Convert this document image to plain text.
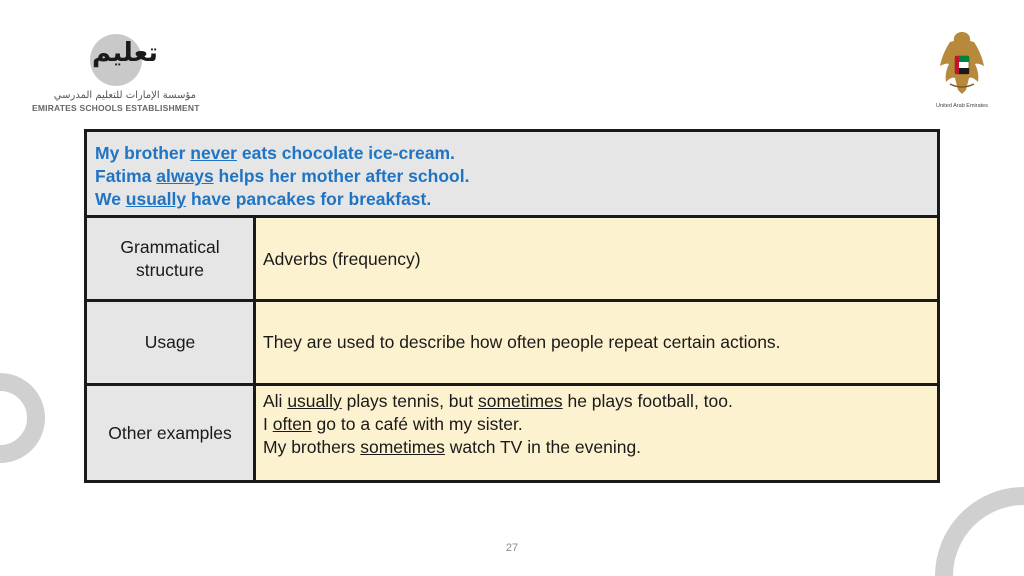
تعليم
مؤسسة الإمارات للتعليم المدرسي
EMIRATES SCHOOLS ESTABLISHMENT	United Arab Emirates
My brother never eats chocolate ice-cream.
Fatima always helps her mother after school.
We usually have pancakes for breakfast.
Grammatical structure
Adverbs (frequency)
Usage	They are used to describe how often people repeat certain actions.
Other examples
Ali usually plays tennis, but sometimes he plays football, too.
I often go to a café with my sister.
My brothers sometimes watch TV in the evening.
27
